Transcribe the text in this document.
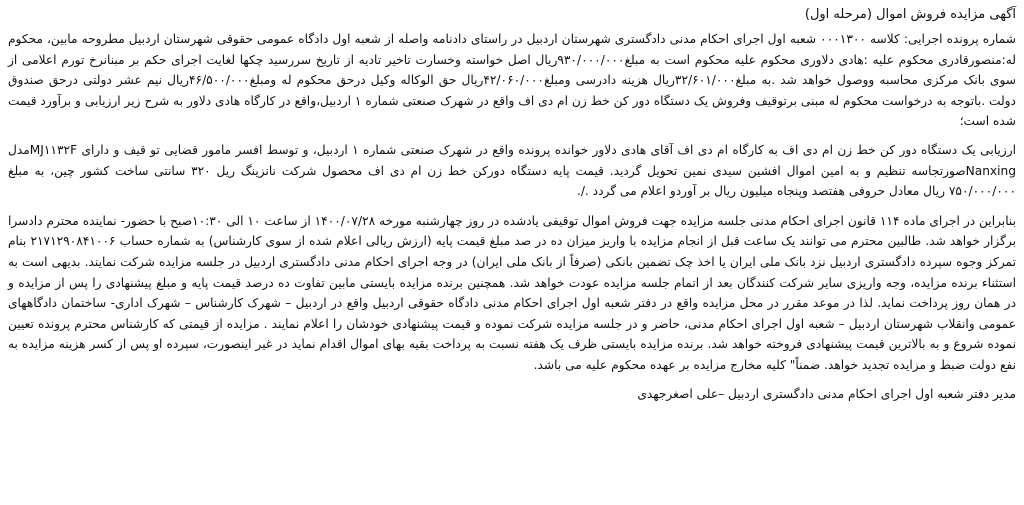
آگهی مزایده فروش اموال (مرحله اول)

شماره پرونده اجرایی: کلاسه ۰۰۰۱۳۰۰ شعبه اول اجرای احکام مدنی دادگستری شهرستان اردبیل در راستای دادنامه واصله از شعبه اول دادگاه عمومی حقوقی شهرستان اردبیل مطروحه مابین، محکوم له:منصورقادری محکوم علیه :هادی دلاوری محکوم علیه محکوم است به مبلغ۹۳۰/۰۰۰/۰۰۰ریال اصل خواسته وخسارت تاخیر تادیه از تاریخ سررسید چکها لغایت اجرای حکم بر مبنانرخ تورم اعلامی از سوی بانک مرکزی محاسبه ووصول خواهد شد .به مبلغ۳۲/۶۰۱/۰۰۰ریال هزینه دادرسی ومبلغ۴۲/۰۶۰/۰۰۰ریال حق الوکاله وکیل درحق محکوم له ومبلغ۴۶/۵۰۰/۰۰۰ریال نیم عشر دولتی درحق صندوق دولت .باتوجه به درخواست محکوم له مبنی برتوقیف وفروش یک دستگاه دور کن خط زن ام دی اف واقع در شهرک صنعتی شماره ۱ اردبیل،واقع در کارگاه هادی دلاور به شرح زیر ارزیابی و برآورد قیمت شده است؛

ارزیابی یک دستگاه دور کن خط زن ام دی اف به کارگاه ام دی اف آقای هادی دلاور خوانده پرونده واقع در شهرک صنعتی شماره ۱ اردبیل، و توسط افسر مامور قضایی تو قیف و دارای MJ۱۱۳۲Fمدل Nanxingصورتجاسه تنظیم و به امین اموال افشین سیدی نمین تحویل گردید. قیمت پایه دستگاه دورکن خط زن ام دی اف محصول شرکت نانزینگ ریل ۳۲۰ سانتی ساخت کشور چین، به مبلغ ۷۵۰/۰۰۰/۰۰۰ ریال معادل حروفی هفتصد وپنجاه میلیون ریال بر آوردو اعلام می گردد ./.

بنابراین در اجرای ماده ۱۱۴ قانون اجرای احکام مدنی جلسه مزایده جهت فروش اموال توقیفی یادشده در روز چهارشنبه مورخه ۱۴۰۰/۰۷/۲۸ از ساعت ۱۰ الی ۱۰:۳۰صبح با حضور- نماینده محترم دادسرا برگزار خواهد شد. طالبین محترم می توانند یک ساعت قبل از انجام مزایده با واریز میزان ده در صد مبلغ قیمت پایه (ارزش ریالی اعلام شده از سوی کارشناس) به شماره حساب ۲۱۷۱۲۹۰۸۴۱۰۰۶ بنام تمرکز وجوه سپرده دادگستری اردبیل نزد بانک ملی ایران یا اخذ چک تضمین بانکی (صرفاً از بانک ملی ایران) در وجه اجرای احکام مدنی دادگستری اردبیل در جلسه مزایده شرکت نمایند. بدیهی است به استثناء برنده مزایده، وجه واریزی سایر شرکت کنندگان بعد از اتمام جلسه مزایده عودت خواهد شد. همچنین برنده مزایده بایستی مابین تفاوت ده درصد قیمت پایه و مبلغ پیشنهادی را پس از مزایده و در همان روز پرداخت نماید. لذا در موعد مقرر در محل مزایده واقع در دفتر شعبه اول اجرای احکام مدنی دادگاه حقوقی اردبیل واقع در اردبیل – شهرک کارشناس – شهرک اداری- ساختمان دادگاههای عمومی وانقلاب شهرستان اردبیل – شعبه اول اجرای احکام مدنی، حاضر و در جلسه مزایده شرکت نموده و قیمت پیشنهادی خودشان را اعلام نمایند . مزایده از قیمتی که کارشناس محترم پرونده تعیین نموده شروع و به بالاترین قیمت پیشنهادی فروخته خواهد شد. برنده مزایده بایستی ظرف یک هفته نسبت به پرداخت بقیه بهای اموال اقدام نماید در غیر اینصورت، سپرده او پس از کسر هزینه مزایده به نفع دولت ضبط و مزایده تجدید خواهد. ضمناً" کلیه مخارج مزایده بر عهده محکوم علیه می باشد.

مدیر دفتر شعبه اول اجرای احکام مدنی دادگستری اردبیل –علی اصغرجهدی
